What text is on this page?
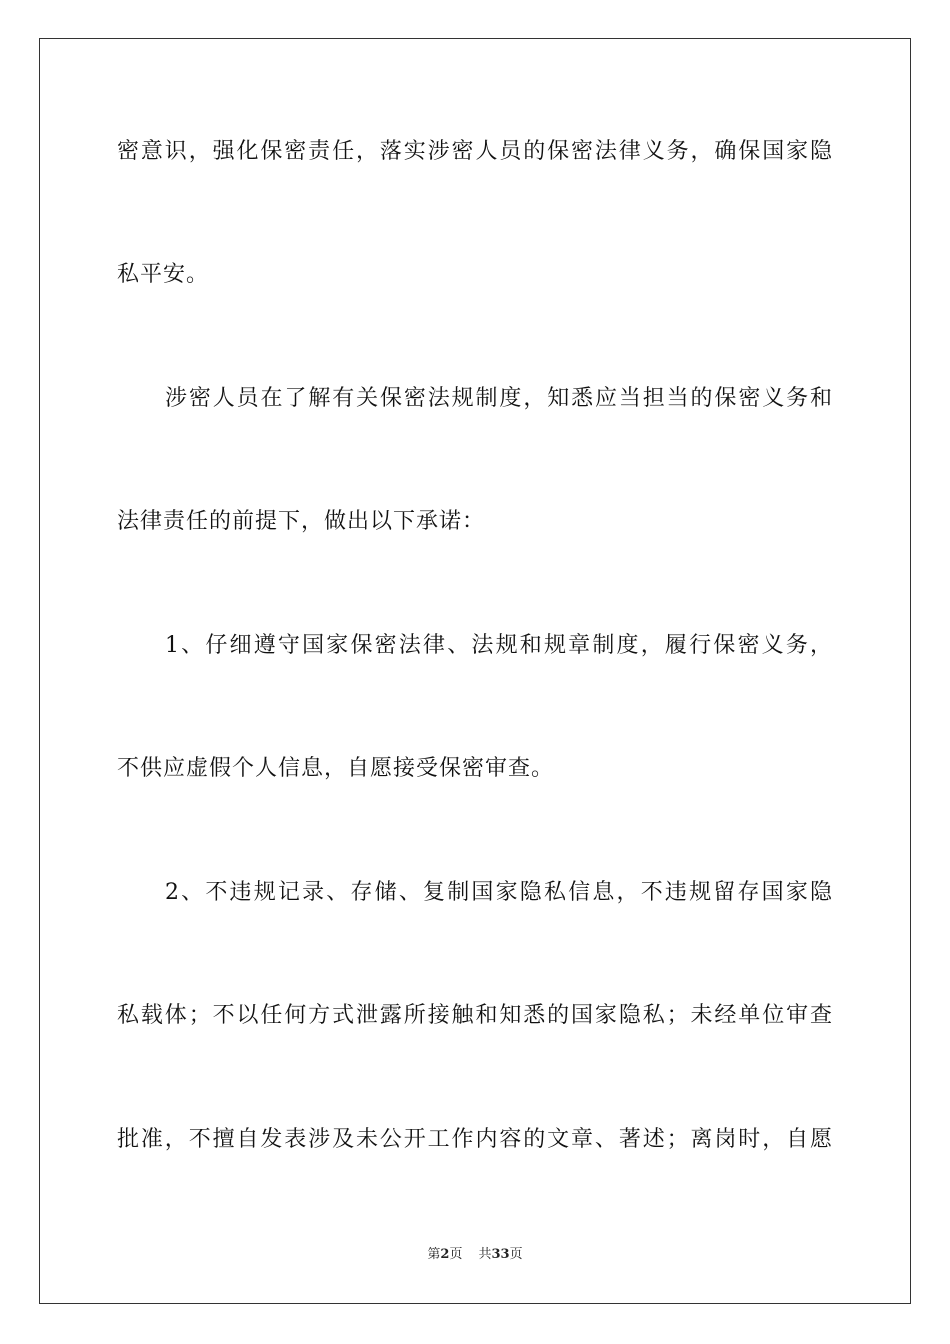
密意识，强化保密责任，落实涉密人员的保密法律义务，确保国家隐
私平安。
涉密人员在了解有关保密法规制度，知悉应当担当的保密义务和
法律责任的前提下，做出以下承诺：
1、仔细遵守国家保密法律、法规和规章制度，履行保密义务，
不供应虚假个人信息，自愿接受保密审查。
2、不违规记录、存储、复制国家隐私信息，不违规留存国家隐
私载体；不以任何方式泄露所接触和知悉的国家隐私；未经单位审查
批准，不擅自发表涉及未公开工作内容的文章、著述；离岗时，自愿
第2页 共33页
